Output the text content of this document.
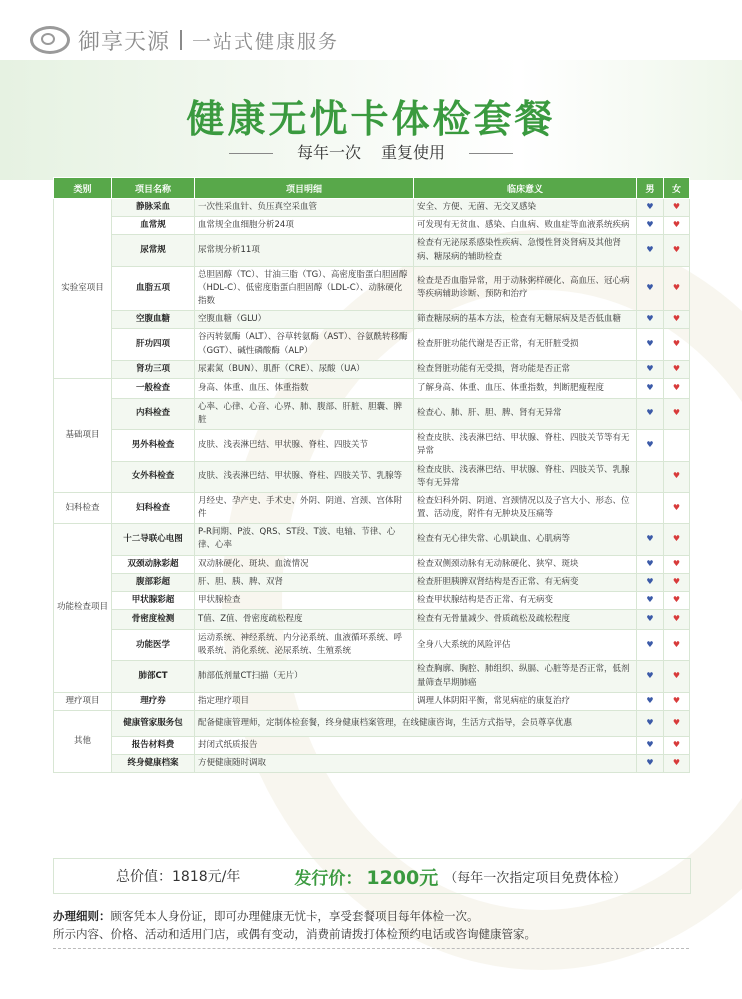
御享天源 一站式健康服务
健康无忧卡体检套餐
每年一次 重复使用
类别	项目名称	项目明细	临床意义	男	女
实验室项目	静脉采血	一次性采血针、负压真空采血管	安全、方便、无菌、无交叉感染	♥	♥
	血常规	血常规全血细胞分析24项	可发现有无贫血、感染、白血病、败血症等血液系统疾病	♥	♥
	尿常规	尿常规分析11项	检查有无泌尿系感染性疾病、急慢性肾炎肾病及其他肾病、糖尿病的辅助检查	♥	♥
	血脂五项	总胆固醇（TC）、甘油三脂（TG）、高密度脂蛋白胆固醇（HDL-C）、低密度脂蛋白胆固醇（LDL-C）、动脉硬化指数	检查是否血脂异常，用于动脉粥样硬化、高血压、冠心病等疾病辅助诊断、预防和治疗	♥	♥
	空腹血糖	空腹血糖（GLU）	筛查糖尿病的基本方法，检查有无糖尿病及是否低血糖	♥	♥
	肝功四项	谷丙转氨酶（ALT）、谷草转氨酶（AST）、谷氨酰转移酶（GGT）、碱性磷酸酶（ALP）	检查肝脏功能代谢是否正常，有无肝脏受损	♥	♥
	肾功三项	尿素氮（BUN）、肌酐（CRE）、尿酸（UA）	检查肾脏功能有无受损，肾功能是否正常	♥	♥
基础项目	一般检查	身高、体重、血压、体重指数	了解身高、体重、血压、体重指数，判断肥瘦程度	♥	♥
	内科检查	心率、心律、心音、心界、肺、腹部、肝脏、胆囊、脾脏	检查心、肺、肝、胆、脾、肾有无异常	♥	♥
	男外科检查	皮肤、浅表淋巴结、甲状腺、脊柱、四肢关节	检查皮肤、浅表淋巴结、甲状腺、脊柱、四肢关节等有无异常	♥	
	女外科检查	皮肤、浅表淋巴结、甲状腺、脊柱、四肢关节、乳腺等	检查皮肤、浅表淋巴结、甲状腺、脊柱、四肢关节、乳腺等有无异常		♥
妇科检查	妇科检查	月经史、孕产史、手术史、外阴、阴道、宫颈、宫体附件	检查妇科外阴、阴道、宫颈情况以及子宫大小、形态、位置、活动度，附件有无肿块及压痛等		♥
功能检查项目	十二导联心电图	P-R间期、P波、QRS、ST段、T波、电轴、节律、心律、心率	检查有无心律失常、心肌缺血、心肌病等	♥	♥
	双颈动脉彩超	双动脉硬化、斑块、血流情况	检查双侧颈动脉有无动脉硬化、狭窄、斑块	♥	♥
	腹部彩超	肝、胆、胰、脾、双肾	检查肝胆胰脾双肾结构是否正常、有无病变	♥	♥
	甲状腺彩超	甲状腺检查	检查甲状腺结构是否正常、有无病变	♥	♥
	骨密度检测	T值、Z值、骨密度疏松程度	检查有无骨量减少、骨质疏松及疏松程度	♥	♥
	功能医学	运动系统、神经系统、内分泌系统、血液循环系统、呼吸系统、消化系统、泌尿系统、生殖系统	全身八大系统的风险评估	♥	♥
	肺部CT	肺部低剂量CT扫描（无片）	检查胸廓、胸腔、肺组织、纵膈、心脏等是否正常，低剂量筛查早期肺癌	♥	♥
理疗项目	理疗券	指定理疗项目	调理人体阴阳平衡，常见病症的康复治疗	♥	♥
其他	健康管家服务包	配备健康管理师，定制体检套餐，终身健康档案管理，在线健康咨询，生活方式指导，会员尊享优惠		♥	♥
	报告材料费	封闭式纸质报告		♥	♥
	终身健康档案	方便健康随时调取		♥	♥
总价值：1818元/年	发行价： 1200元 （每年一次指定项目免费体检）
办理细则：顾客凭本人身份证，即可办理健康无忧卡，享受套餐项目每年体检一次。
所示内容、价格、活动和适用门店，或偶有变动，消费前请拨打体检预约电话或咨询健康管家。
